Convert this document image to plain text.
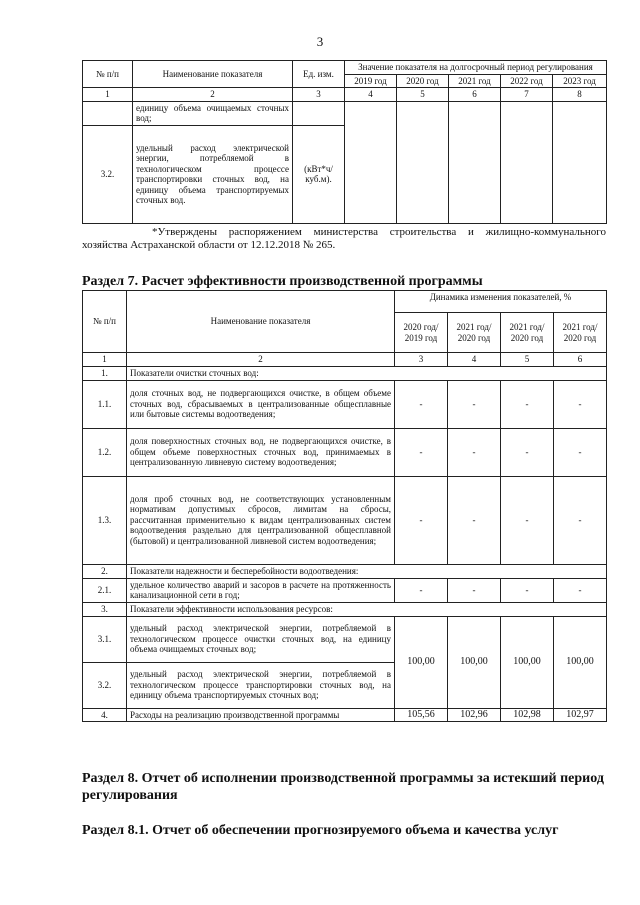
3
№ п/п	Наименование показателя	Ед. изм.	Значение показателя на долгосрочный период регулирования				
			2019 год	2020 год	2021 год	2022 год	2023 год
1	2	3	4	5	6	7	8
	единицу объема очищаемых сточных вод;						
3.2.	удельный расход электрической энергии, потребляемой в технологическом процессе транспортировки сточных вод, на единицу объема транспортируемых сточных вод.	(кВт*ч/ куб.м).					
*Утверждены распоряжением министерства строительства и жилищно-коммунального хозяйства Астраханской области от 12.12.2018 № 265.
Раздел 7. Расчет эффективности производственной программы
№ п/п	Наименование показателя	Динамика изменения показателей, %			
		2020 год/ 2019 год	2021 год/ 2020 год	2021 год/ 2020 год	2021 год/ 2020 год
1	2	3	4	5	6
1.	Показатели очистки сточных вод:				
1.1.	доля сточных вод, не подвергающихся очистке, в общем объеме сточных вод, сбрасываемых в централизованные общесплавные или бытовые системы водоотведения;	-	-	-	-
1.2.	доля поверхностных сточных вод, не подвергающихся очистке, в общем объеме поверхностных сточных вод, принимаемых в централизованную ливневую систему водоотведения;	-	-	-	-
1.3.	доля проб сточных вод, не соответствующих установленным нормативам допустимых сбросов, лимитам на сбросы, рассчитанная применительно к видам централизованных систем водоотведения раздельно для централизованной общесплавной (бытовой) и централизованной ливневой систем водоотведения;	-	-	-	-
2.	Показатели надежности и бесперебойности водоотведения:				
2.1.	удельное количество аварий и засоров в расчете на протяженность канализационной сети в год;	-	-	-	-
3.	Показатели эффективности использования ресурсов:				
3.1.	удельный расход электрической энергии, потребляемой в технологическом процессе очистки сточных вод, на единицу объема очищаемых сточных вод;	100,00	100,00	100,00	100,00
3.2.	удельный расход электрической энергии, потребляемой в технологическом процессе транспортировки сточных вод, на единицу объема транспортируемых сточных вод;				
4.	Расходы на реализацию производственной программы	105,56	102,96	102,98	102,97
Раздел 8. Отчет об исполнении производственной программы за истекший период регулирования
Раздел 8.1. Отчет об обеспечении прогнозируемого объема и качества услуг
